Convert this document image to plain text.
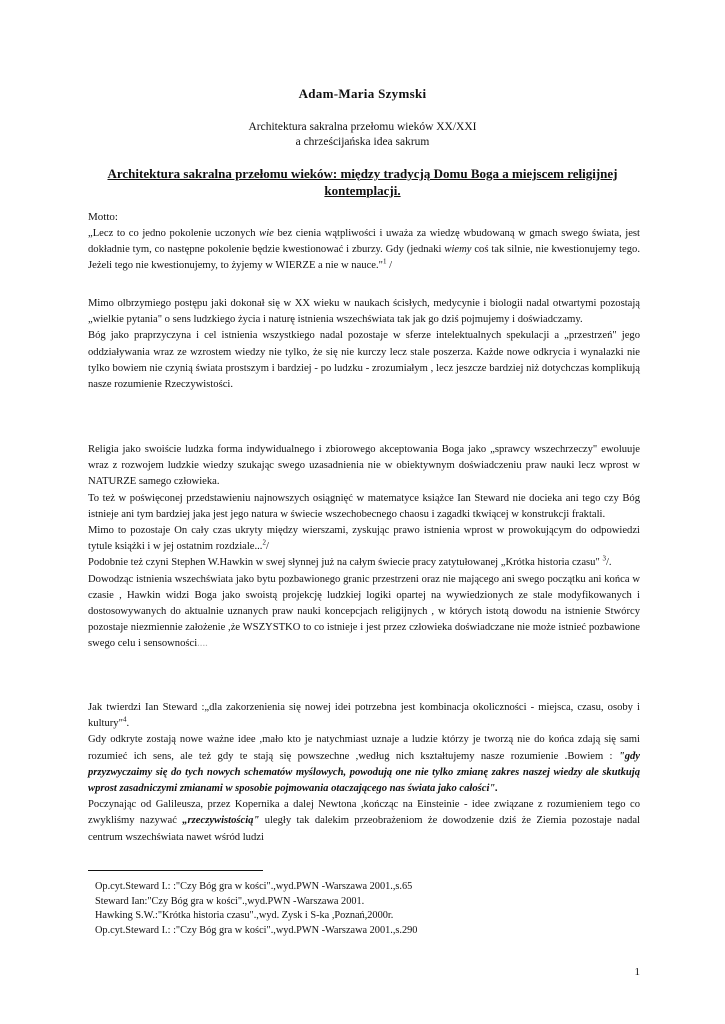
Adam-Maria Szymski
Architektura sakralna przełomu wieków XX/XXI
a chrześcijańska idea sakrum
Architektura sakralna przełomu wieków: między tradycją Domu Boga a miejscem religijnej kontemplacji.
Motto:
„Lecz to co jedno pokolenie uczonych wie bez cienia wątpliwości i uważa za wiedzę wbudowaną w gmach swego świata, jest dokładnie tym, co następne pokolenie będzie kwestionować i zburzy. Gdy (jednaki wiemy coś tak silnie, nie kwestionujemy tego. Jeżeli tego nie kwestionujemy, to żyjemy w WIERZE a nie w nauce."$^1$ /

Mimo olbrzymiego postępu jaki dokonał się w XX wieku w naukach ścisłych, medycynie i biologii nadal otwartymi pozostają „wielkie pytania" o sens ludzkiego życia i naturę istnienia wszechświata tak jak go dziś pojmujemy i doświadczamy.

Bóg jako praprzyczyna i cel istnienia wszystkiego nadal pozostaje w sferze intelektualnych spekulacji a „przestrzeń" jego oddziaływania wraz ze wzrostem wiedzy nie tylko, że się nie kurczy lecz stale poszerza. Każde nowe odkrycia i wynalazki nie tylko bowiem nie czynią świata prostszym i bardziej - po ludzku - zrozumiałym , lecz jeszcze bardziej niż dotychczas komplikują nasze rozumienie Rzeczywistości.

Religia jako swoiście ludzka forma indywidualnego i zbiorowego akceptowania Boga jako „sprawcy wszechrzeczy" ewoluuje wraz z rozwojem ludzkie wiedzy szukając swego uzasadnienia nie w obiektywnym doświadczeniu praw nauki lecz wprost w NATURZE samego człowieka.

To też w poświęconej przedstawieniu najnowszych osiągnięć w matematyce książce Ian Steward nie docieka ani tego czy Bóg istnieje ani tym bardziej jaka jest jego natura w świecie wszechobecnego chaosu i zagadki tkwiącej w konstrukcji fraktali.

Mimo to pozostaje On cały czas ukryty między wierszami, zyskując prawo istnienia wprost w prowokującym do odpowiedzi tytule książki i w jej ostatnim rozdziale...$^2$/

Podobnie też czyni Stephen W.Hawkin w swej słynnej już na całym świecie pracy zatytułowanej „Krótka historia czasu" $^3$/.

Dowodząc istnienia wszechświata jako bytu pozbawionego granic przestrzeni oraz nie mającego ani swego początku ani końca w czasie , Hawkin widzi Boga jako swoistą projekcję ludzkiej logiki opartej na wywiedzionych ze stale modyfikowanych i dostosowywanych do aktualnie uznanych praw nauki koncepcjach religijnych , w których istotą dowodu na istnienie Stwórcy pozostaje niezmiennie założenie ,że WSZYSTKO to co istnieje i jest przez człowieka doświadczane nie może istnieć pozbawione swego celu i sensowności....

Jak twierdzi Ian Steward :„dla zakorzenienia się nowej idei potrzebna jest kombinacja okoliczności - miejsca, czasu, osoby i kultury"$^4$.

Gdy odkryte zostają nowe ważne idee ,mało kto je natychmiast uznaje a ludzie którzy je tworzą nie do końca zdają się sami rozumieć ich sens, ale też gdy te stają się powszechne ,według nich kształtujemy nasze rozumienie .Bowiem : "gdy przyzwyczaimy się do tych nowych schematów myślowych, powodują one nie tylko zmianę zakres naszej wiedzy ale skutkują wprost zasadniczymi zmianami w sposobie pojmowania otaczającego nas świata jako całości".

Poczynając od Galileusza, przez Kopernika a dalej Newtona ,kończąc na Einsteinie - idee związane z rozumieniem tego co zwykliśmy nazywać „rzeczywistością" uległy tak dalekim przeobrażeniom że dowodzenie dziś że Ziemia pozostaje nadal centrum wszechświata nawet wśród ludzi

Op.cyt.Steward I.: :"Czy Bóg gra w kości".,wyd.PWN -Warszawa 2001.,s.65
Steward Ian:"Czy Bóg gra w kości".,wyd.PWN -Warszawa 2001.
Hawking S.W.:"Krótka historia czasu".,wyd. Zysk i S-ka ,Poznań,2000r.
Op.cyt.Steward I.: :"Czy Bóg gra w kości".,wyd.PWN -Warszawa 2001.,s.290
1
